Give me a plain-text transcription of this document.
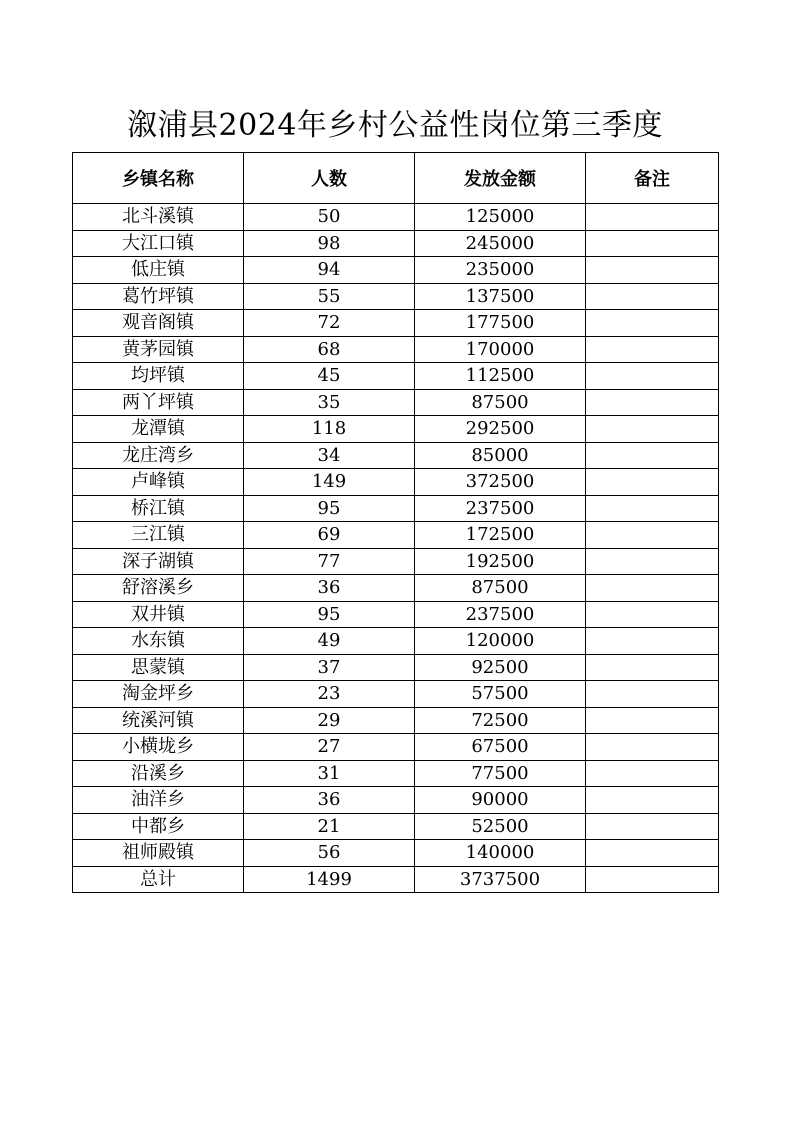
溆浦县2024年乡村公益性岗位第三季度
乡镇名称	人数	发放金额	备注
北斗溪镇	50	125000	
大江口镇	98	245000	
低庄镇	94	235000	
葛竹坪镇	55	137500	
观音阁镇	72	177500	
黄茅园镇	68	170000	
均坪镇	45	112500	
两丫坪镇	35	87500	
龙潭镇	118	292500	
龙庄湾乡	34	85000	
卢峰镇	149	372500	
桥江镇	95	237500	
三江镇	69	172500	
深子湖镇	77	192500	
舒溶溪乡	36	87500	
双井镇	95	237500	
水东镇	49	120000	
思蒙镇	37	92500	
淘金坪乡	23	57500	
统溪河镇	29	72500	
小横垅乡	27	67500	
沿溪乡	31	77500	
油洋乡	36	90000	
中都乡	21	52500	
祖师殿镇	56	140000	
总计	1499	3737500	
